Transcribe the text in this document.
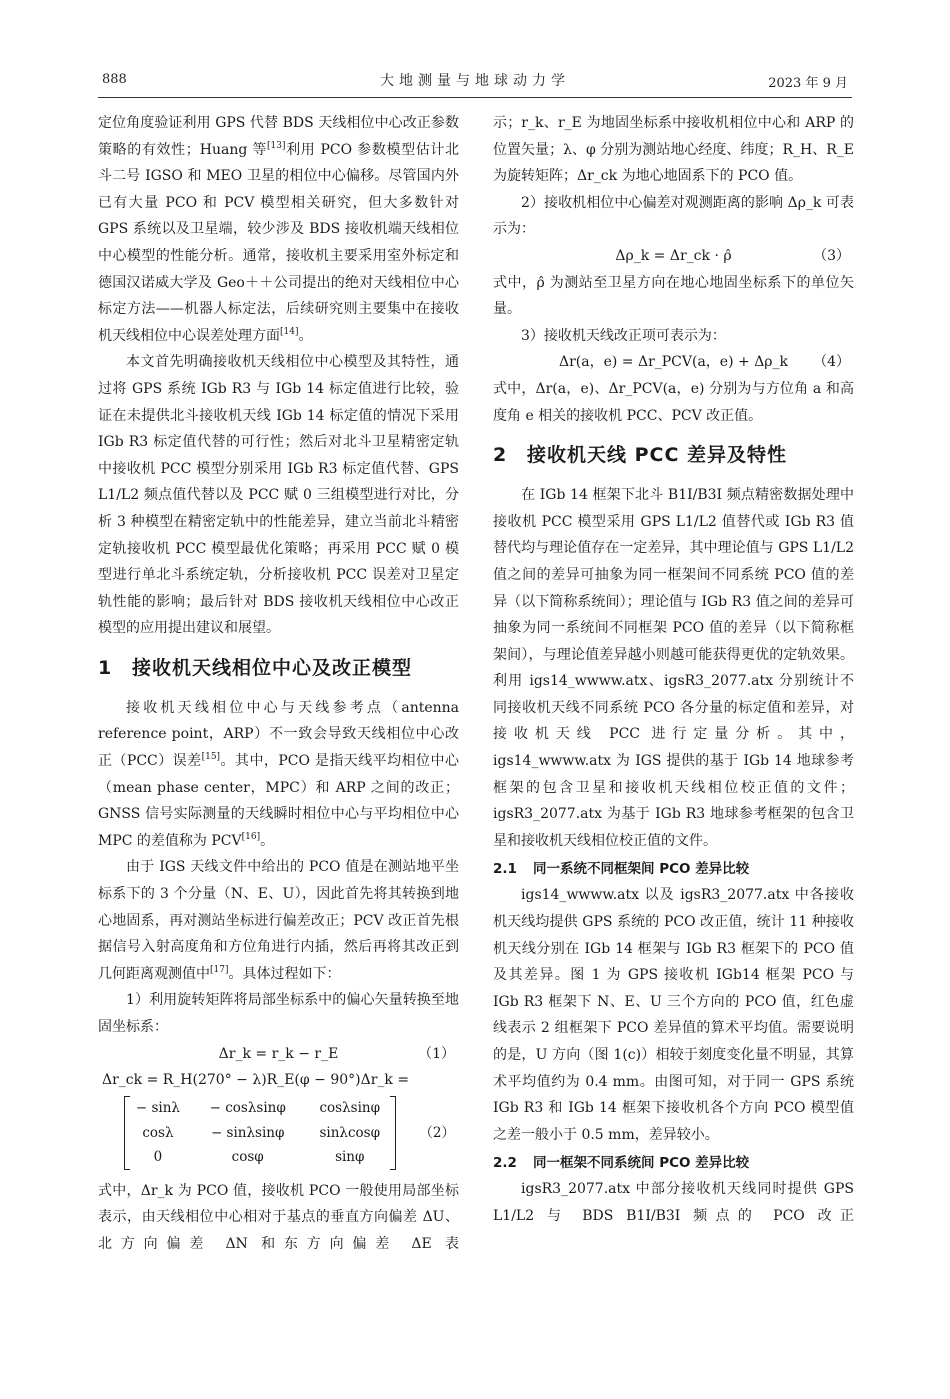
888	大地测量与地球动力学	2023 年 9 月

定位角度验证利用 GPS 代替 BDS 天线相位中心改正参数策略的有效性；Huang 等[13]利用 PCO 参数模型估计北斗二号 IGSO 和 MEO 卫星的相位中心偏移。尽管国内外已有大量 PCO 和 PCV 模型相关研究，但大多数针对 GPS 系统以及卫星端，较少涉及 BDS 接收机端天线相位中心模型的性能分析。通常，接收机主要采用室外标定和德国汉诺威大学及 Geo＋＋公司提出的绝对天线相位中心标定方法——机器人标定法，后续研究则主要集中在接收机天线相位中心误差处理方面[14]。

本文首先明确接收机天线相位中心模型及其特性，通过将 GPS 系统 IGb R3 与 IGb 14 标定值进行比较，验证在未提供北斗接收机天线 IGb 14 标定值的情况下采用 IGb R3 标定值代替的可行性；然后对北斗卫星精密定轨中接收机 PCC 模型分别采用 IGb R3 标定值代替、GPS L1/L2 频点值代替以及 PCC 赋 0 三组模型进行对比，分析 3 种模型在精密定轨中的性能差异，建立当前北斗精密定轨接收机 PCC 模型最优化策略；再采用 PCC 赋 0 模型进行单北斗系统定轨，分析接收机 PCC 误差对卫星定轨性能的影响；最后针对 BDS 接收机天线相位中心改正模型的应用提出建议和展望。

1 接收机天线相位中心及改正模型

接收机天线相位中心与天线参考点（antenna reference point，ARP）不一致会导致天线相位中心改正（PCC）误差[15]。其中，PCO 是指天线平均相位中心（mean phase center，MPC）和 ARP 之间的改正；GNSS 信号实际测量的天线瞬时相位中心与平均相位中心 MPC 的差值称为 PCV[16]。

由于 IGS 天线文件中给出的 PCO 值是在测站地平坐标系下的 3 个分量（N、E、U），因此首先将其转换到地心地固系，再对测站坐标进行偏差改正；PCV 改正首先根据信号入射高度角和方位角进行内插，然后再将其改正到几何距离观测值中[17]。具体过程如下：

1）利用旋转矩阵将局部坐标系中的偏心矢量转换至地固坐标系：

Δr_k = r_k − r_E	（1）
Δr_ck = R_H(270° − λ)R_E(φ − 90°)Δr_k =
− sinλ	− cosλsinφ	cosλsinφ
cosλ	− sinλsinφ	sinλcosφ
0	cosφ	sinφ
（2）

式中，Δr_k 为 PCO 值，接收机 PCO 一般使用局部坐标表示，由天线相位中心相对于基点的垂直方向偏差 ΔU、北方向偏差 ΔN 和东方向偏差 ΔE 表

示；r_k、r_E 为地固坐标系中接收机相位中心和 ARP 的位置矢量；λ、φ 分别为测站地心经度、纬度；R_H、R_E 为旋转矩阵；Δr_ck 为地心地固系下的 PCO 值。

2）接收机相位中心偏差对观测距离的影响 Δρ_k 可表示为：

Δρ_k = Δr_ck · ρ̂	（3）

式中，ρ̂ 为测站至卫星方向在地心地固坐标系下的单位矢量。

3）接收机天线改正项可表示为：

Δr(a，e) = Δr_PCV(a，e) + Δρ_k （4）

式中，Δr(a，e)、Δr_PCV(a，e) 分别为与方位角 a 和高度角 e 相关的接收机 PCC、PCV 改正值。

2 接收机天线 PCC 差异及特性

在 IGb 14 框架下北斗 B1I/B3I 频点精密数据处理中接收机 PCC 模型采用 GPS L1/L2 值替代或 IGb R3 值替代均与理论值存在一定差异，其中理论值与 GPS L1/L2 值之间的差异可抽象为同一框架间不同系统 PCO 值的差异（以下简称系统间）；理论值与 IGb R3 值之间的差异可抽象为同一系统间不同框架 PCO 值的差异（以下简称框架间），与理论值差异越小则越可能获得更优的定轨效果。利用 igs14_wwww.atx、igsR3_2077.atx 分别统计不同接收机天线不同系统 PCO 各分量的标定值和差异，对接收机天线 PCC 进行定量分析。其中，igs14_wwww.atx 为 IGS 提供的基于 IGb 14 地球参考框架的包含卫星和接收机天线相位校正值的文件；igsR3_2077.atx 为基于 IGb R3 地球参考框架的包含卫星和接收机天线相位校正值的文件。

2.1 同一系统不同框架间 PCO 差异比较

igs14_wwww.atx 以及 igsR3_2077.atx 中各接收机天线均提供 GPS 系统的 PCO 改正值，统计 11 种接收机天线分别在 IGb 14 框架与 IGb R3 框架下的 PCO 值及其差异。图 1 为 GPS 接收机 IGb14 框架 PCO 与 IGb R3 框架下 N、E、U 三个方向的 PCO 值，红色虚线表示 2 组框架下 PCO 差异值的算术平均值。需要说明的是，U 方向（图 1(c)）相较于刻度变化量不明显，其算术平均值约为 0.4 mm。由图可知，对于同一 GPS 系统 IGb R3 和 IGb 14 框架下接收机各个方向 PCO 模型值之差一般小于 0.5 mm，差异较小。

2.2 同一框架不同系统间 PCO 差异比较

igsR3_2077.atx 中部分接收机天线同时提供 GPS L1/L2 与 BDS B1I/B3I 频点的 PCO 改正
